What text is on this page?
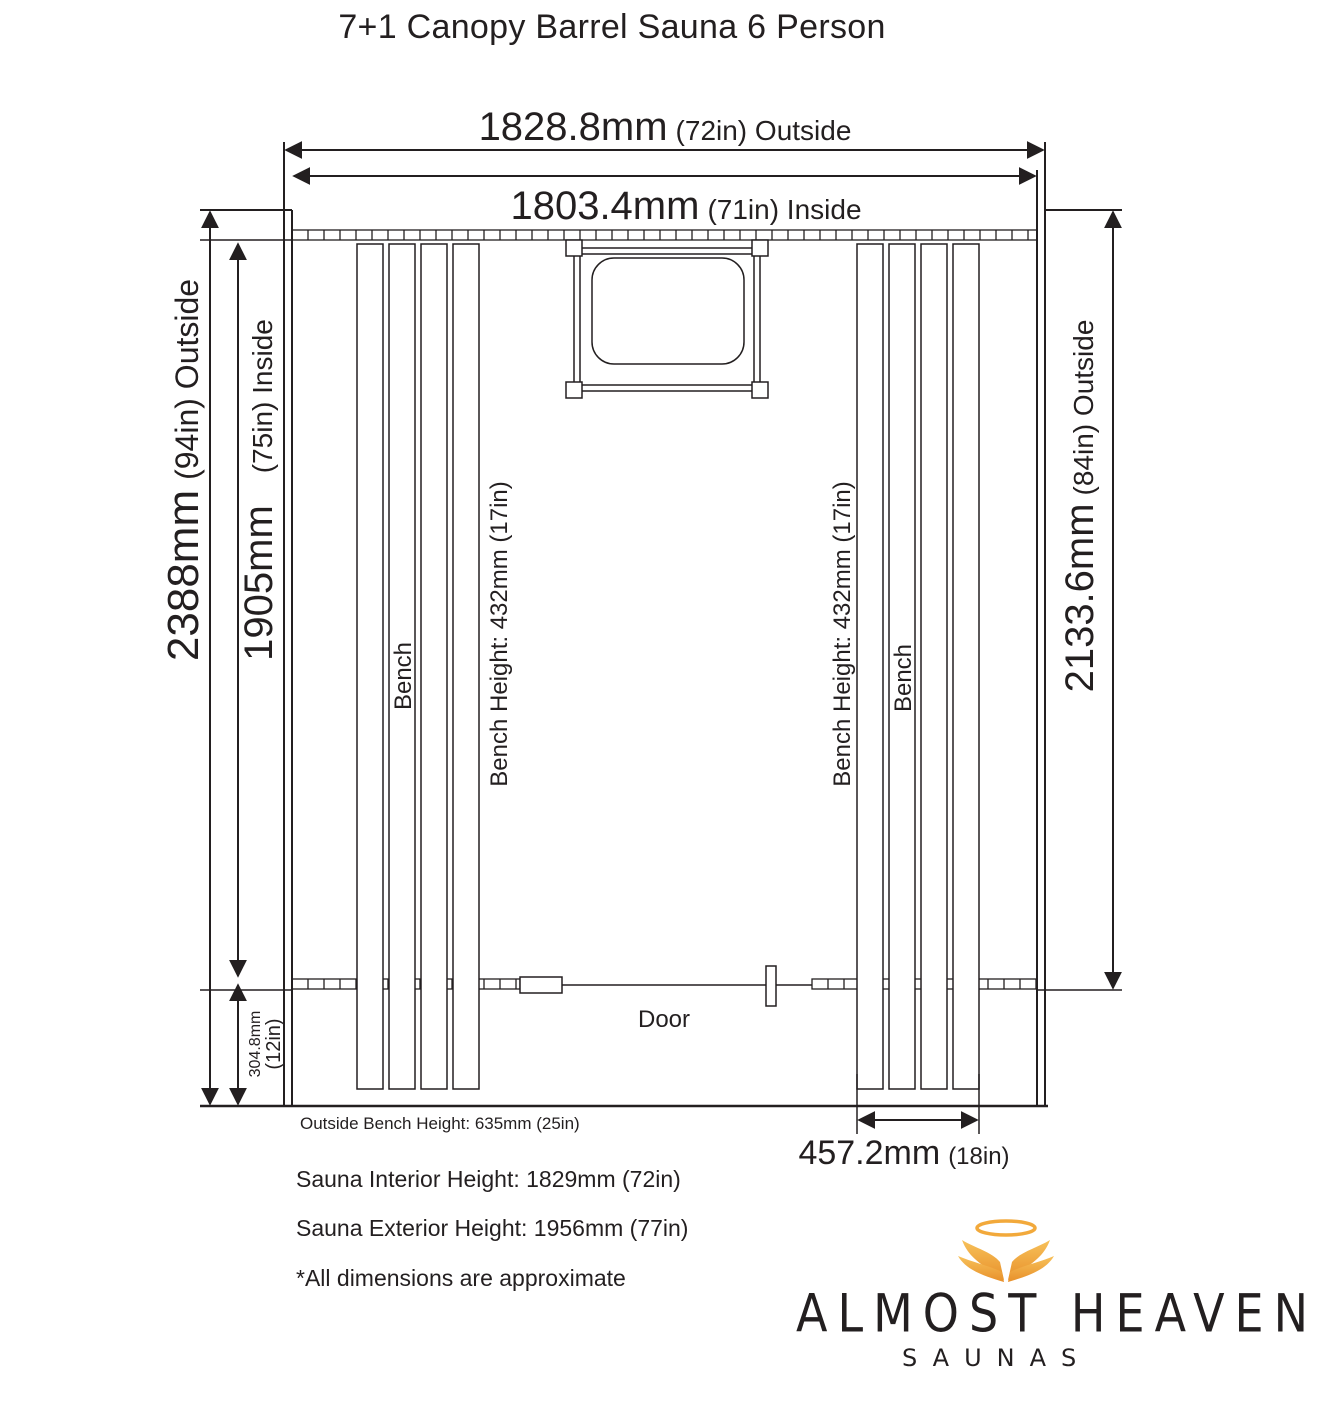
7+1 Canopy Barrel Sauna 6 Person
1828.8mm (72in) Outside
1803.4mm (71in) Inside
457.2mm (18in)
Door
2388mm(94in) Outside
1905mm(75in) Inside
304.8mm (12in)
2133.6mm(84in) Outside
Bench	Bench Height: 432mm (17in)	Bench Height: 432mm (17in) Bench
Outside Bench Height: 635mm (25in)
Sauna Interior Height: 1829mm (72in)
Sauna Exterior Height: 1956mm (77in)
*All dimensions are approximate
ALMOST HEAVEN
SAUNAS
